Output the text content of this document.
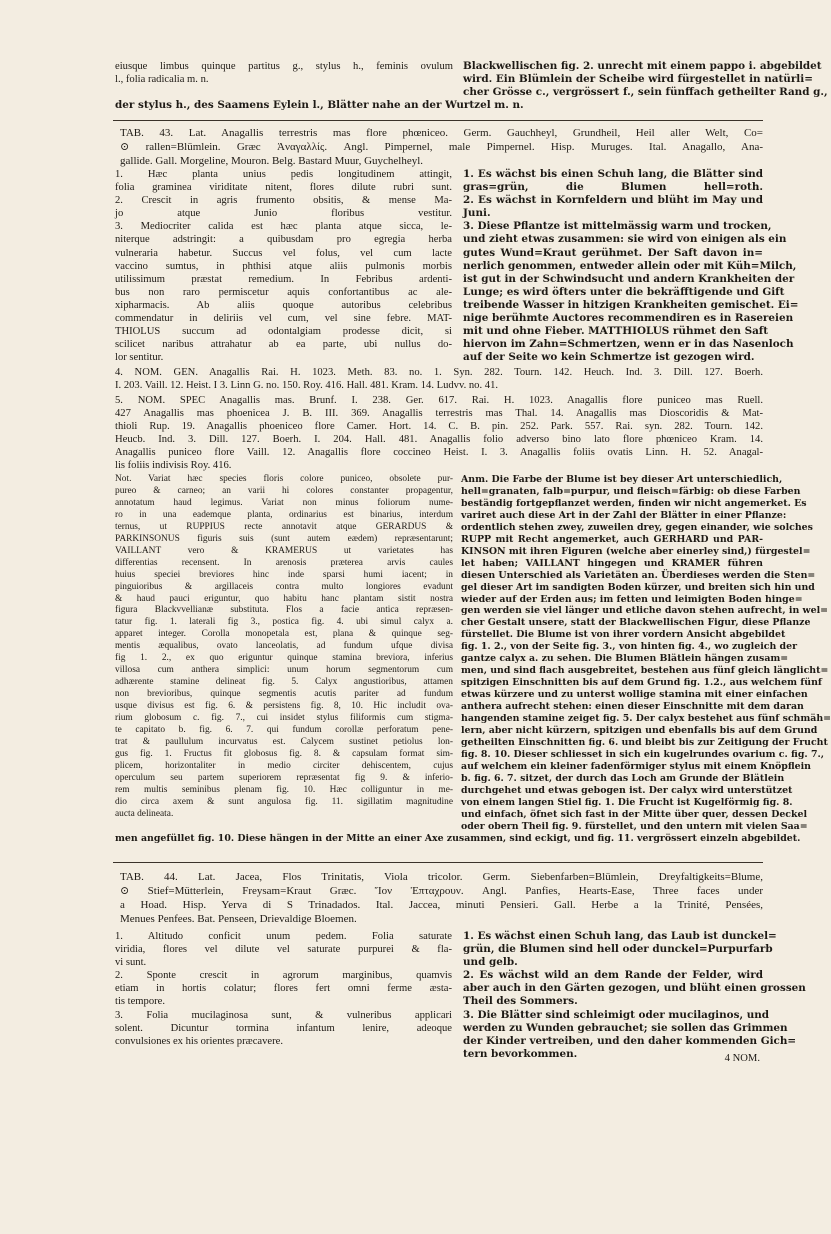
eiusque limbus quinque partitus g., stylus h., feminis ovulum
l., folia radicalia m. n.
Blackwellischen fig. 2. unrecht mit einem pappo i. abgebildet
wird. Ein Blümlein der Scheibe wird fürgestellet in natürli=
cher Grösse c., vergrössert f., sein fünffach getheilter Rand g.,
der stylus h., des Saamens Eylein l., Blätter nahe an der Wurtzel m. n.
TAB. 43. Lat. Anagallis terrestris mas flore phœniceo. Germ. Gauchheyl, Grundheil, Heil aller Welt, Co=
⊙ rallen=Blümlein. Græc Ἀναγαλλίς. Angl. Pimpernel, male Pimpernel. Hisp. Muruges. Ital. Anagallo, Ana-
gallide. Gall. Morgeline, Mouron. Belg. Bastard Muur, Guychelheyl.
1. Hæc planta unius pedis longitudinem attingit,
folia graminea viriditate nitent, flores dilute rubri sunt.
2. Crescit in agris frumento obsitis, & mense Ma-
jo atque Junio floribus vestitur.
3. Mediocriter calida est hæc planta atque sicca, le-
niterque adstringit: a quibusdam pro egregia herba
vulneraria habetur. Succus vel folus, vel cum lacte
vaccino sumtus, in phthisi atque aliis pulmonis morbis
utilissimum præstat remedium. In Febribus ardenti-
bus non raro permiscetur aquis confortantibus ac ale-
xipharmacis. Ab aliis quoque autoribus celebribus
commendatur in deliriis vel cum, vel sine febre. MAT-
THIOLUS succum ad odontalgiam prodesse dicit, si
scilicet naribus attrahatur ab ea parte, ubi nullus do-
lor sentitur.
1. Es wächst bis einen Schuh lang, die Blätter sind
gras=grün, die Blumen hell=roth.
2. Es wächst in Kornfeldern und blüht im May und
Juni.
3. Diese Pflantze ist mittelmässig warm und trocken,
und zieht etwas zusammen: sie wird von einigen als ein
gutes Wund=Kraut gerühmet. Der Saft davon in=
nerlich genommen, entweder allein oder mit Küh=Milch,
ist gut in der Schwindsucht und andern Krankheiten der
Lunge; es wird öfters unter die bekräfftigende und Gift
treibende Wasser in hitzigen Krankheiten gemischet. Ei=
nige berühmte Auctores recommendiren es in Rasereien
mit und ohne Fieber. MATTHIOLUS rühmet den Saft
hiervon im Zahn=Schmertzen, wenn er in das Nasenloch
auf der Seite wo kein Schmertze ist gezogen wird.
4. NOM. GEN. Anagallis Rai. H. 1023. Meth. 83. no. 1. Syn. 282. Tourn. 142. Heuch. Ind. 3. Dill. 127. Boerh.
I. 203. Vaill. 12. Heist. I 3. Linn G. no. 150. Roy. 416. Hall. 481. Kram. 14. Ludvv. no. 41.
5. NOM. SPEC Anagallis mas. Brunf. I. 238. Ger. 617. Rai. H. 1023. Anagallis flore puniceo mas Ruell.
427 Anagallis mas phoenicea J. B. III. 369. Anagallis terrestris mas Thal. 14. Anagallis mas Dioscoridis & Mat-
thioli Rup. 19. Anagallis phoeniceo flore Camer. Hort. 14. C. B. pin. 252. Park. 557. Rai. syn. 282. Tourn. 142.
Heucb. Ind. 3. Dill. 127. Boerh. I. 204. Hall. 481. Anagallis folio adverso bino lato flore phœniceo Kram. 14.
Anagallis puniceo flore Vaill. 12. Anagallis flore coccineo Heist. I. 3. Anagallis foliis ovatis Linn. H. 52. Anagal-
lis foliis indivisis Roy. 416.
Not. Variat hæc species floris colore puniceo, obsolete pur-
pureo & carneo; an varii hi colores constanter propagentur,
annotatum haud legimus. Variat non minus foliorum nume-
ro in una eademque planta, ordinarius est binarius, interdum
ternus, ut RUPPIUS recte annotavit atque GERARDUS &
PARKINSONUS figuris suis (sunt autem eædem) repræsentarunt;
VAILLANT vero & KRAMERUS ut varietates has
differentias recensent. In arenosis præterea arvis caules
huius speciei breviores hinc inde sparsi humi iacent; in
pinguioribus & argillaceis contra multo longiores evadunt
& haud pauci eriguntur, quo habitu hanc plantam sistit nostra
figura Blackvvellianæ substituta. Flos a facie antica repræsen-
tatur fig. 1. laterali fig 3., postica fig. 4. ubi simul calyx a.
apparet integer. Corolla monopetala est, plana & quinque seg-
mentis æqualibus, ovato lanceolatis, ad fundum ufque divisa
fig 1. 2., ex quo eriguntur quinque stamina breviora, inferius
villosa cum anthera simplici: unum horum segmentorum cum
adhærente stamine delineat fig. 5. Calyx angustioribus, attamen
non brevioribus, quinque segmentis acutis pariter ad fundum
usque divisus est fig. 6. & persistens fig. 8, 10. Hic includit ova-
rium globosum c. fig. 7., cui insidet stylus filiformis cum stigma-
te capitato b. fig. 6. 7. qui fundum corollæ perforatum pene-
trat & paullulum incurvatus est. Calycem sustinet petiolus lon-
gus fig. 1. Fructus fit globosus fig. 8. & capsulam format sim-
plicem, horizontaliter in medio circiter dehiscentem, cujus
operculum seu partem superiorem repræsentat fig 9. & inferio-
rem multis seminibus plenam fig. 10. Hæc colliguntur in me-
dio circa axem & sunt angulosa fig. 11. sigillatim magnitudine
aucta delineata.
Anm. Die Farbe der Blume ist bey dieser Art unterschiedlich,
hell=granaten, falb=purpur, und fleisch=färbig: ob diese Farben
beständig fortgepflanzet werden, finden wir nicht angemerket. Es
variret auch diese Art in der Zahl der Blätter in einer Pflanze:
ordentlich stehen zwey, zuweilen drey, gegen einander, wie solches
RUPP mit Recht angemerket, auch GERHARD und PAR-
KINSON mit ihren Figuren (welche aber einerley sind,) fürgestel=
let haben; VAILLANT hingegen und KRAMER führen
diesen Unterschied als Varietäten an. Überdieses werden die Sten=
gel dieser Art im sandigten Boden kürzer, und breiten sich hin und
wieder auf der Erden aus; im fetten und leimigten Boden hinge=
gen werden sie viel länger und etliche davon stehen aufrecht, in wel=
cher Gestalt unsere, statt der Blackwellischen Figur, diese Pflanze
fürstellet. Die Blume ist von ihrer vordern Ansicht abgebildet
fig. 1. 2., von der Seite fig. 3., von hinten fig. 4., wo zugleich der
gantze calyx a. zu sehen. Die Blumen Blätlein hängen zusam=
men, und sind flach ausgebreitet, bestehen aus fünf gleich länglicht=
spitzigen Einschnitten bis auf dem Grund fig. 1.2., aus welchem fünf
etwas kürzere und zu unterst wollige stamina mit einer einfachen
anthera aufrecht stehen: einen dieser Einschnitte mit dem daran
hangenden stamine zeiget fig. 5. Der calyx bestehet aus fünf schmäh=
lern, aber nicht kürzern, spitzigen und ebenfalls bis auf dem Grund
getheilten Einschnitten fig. 6. und bleibt bis zur Zeitigung der Frucht
fig. 8. 10. Dieser schliesset in sich ein kugelrundes ovarium c. fig. 7.,
auf welchem ein kleiner fadenförmiger stylus mit einem Knöpflein
b. fig. 6. 7. sitzet, der durch das Loch am Grunde der Blätlein
durchgehet und etwas gebogen ist. Der calyx wird unterstützet
von einem langen Stiel fig. 1. Die Frucht ist Kugelförmig fig. 8.
und einfach, öfnet sich fast in der Mitte über quer, dessen Deckel
oder obern Theil fig. 9. fürstellet, und den untern mit vielen Saa=
men angefüllet fig. 10. Diese hängen in der Mitte an einer Axe zusammen, sind eckigt, und fig. 11. vergrössert einzeln abgebildet.
TAB. 44. Lat. Jacea, Flos Trinitatis, Viola tricolor. Germ. Siebenfarben=Blümlein, Dreyfaltigkeits=Blume,
⊙ Stief=Mütterlein, Freysam=Kraut Græc. Ἴον Ἐπταχρουν. Angl. Panfies, Hearts-Ease, Three faces under
a Hoad. Hisp. Yerva di S Trinadados. Ital. Jaccea, minuti Pensieri. Gall. Herbe a la Trinité, Pensées,
Menues Penfees. Bat. Penseen, Drievaldige Bloemen.
1. Altitudo conficit unum pedem. Folia saturate
viridia, flores vel dilute vel saturate purpurei & fla-
vi sunt.
2. Sponte crescit in agrorum marginibus, quamvis
etiam in hortis colatur; flores fert omni ferme æsta-
tis tempore.
3. Folia mucilaginosa sunt, & vulneribus applicari
solent. Dicuntur tormina infantum lenire, adeoque
convulsiones ex his orientes præcavere.
1. Es wächst einen Schuh lang, das Laub ist dunckel=
grün, die Blumen sind hell oder dunckel=Purpurfarb
und gelb.
2. Es wächst wild an dem Rande der Felder, wird
aber auch in den Gärten gezogen, und blüht einen grossen
Theil des Sommers.
3. Die Blätter sind schleimigt oder mucilaginos, und
werden zu Wunden gebrauchet; sie sollen das Grimmen
der Kinder vertreiben, und den daher kommenden Gich=
tern bevorkommen.	4 NOM.
